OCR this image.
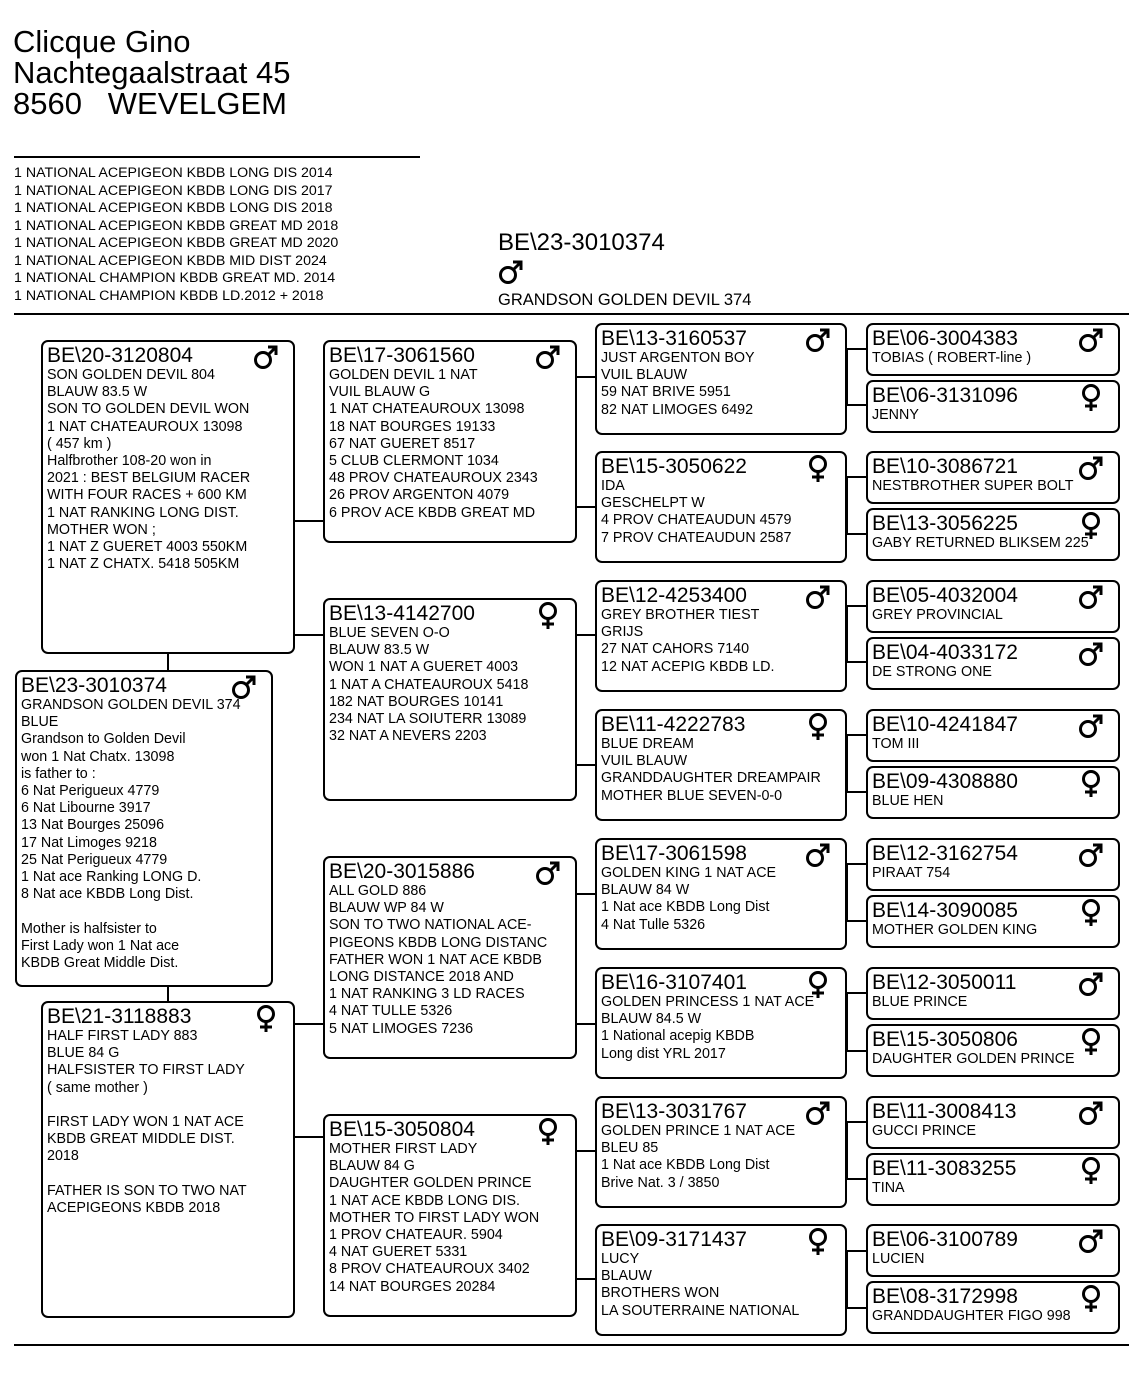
Clicque Gino
Nachtegaalstraat 45
8560   WEVELGEM
1 NATIONAL ACEPIGEON KBDB LONG DIS 2014
1 NATIONAL ACEPIGEON KBDB LONG DIS 2017
1 NATIONAL ACEPIGEON KBDB LONG DIS 2018
1 NATIONAL ACEPIGEON KBDB GREAT MD 2018
1 NATIONAL ACEPIGEON KBDB GREAT MD 2020
1 NATIONAL ACEPIGEON KBDB MID DIST 2024
1 NATIONAL CHAMPION KBDB GREAT MD. 2014
1 NATIONAL CHAMPION KBDB LD.2012 + 2018
BE\23-3010374
GRANDSON GOLDEN DEVIL 374
BE\23-3010374
GRANDSON GOLDEN DEVIL 374
BLUE
Grandson to Golden Devil
won 1 Nat Chatx. 13098
is father to :
6 Nat Perigueux 4779
6 Nat Libourne 3917
13 Nat Bourges 25096
17 Nat Limoges 9218
25 Nat Perigueux 4779
1 Nat ace Ranking LONG D.
8 Nat ace KBDB Long Dist.
Mother is halfsister to
First Lady won 1 Nat ace
KBDB Great Middle Dist.
BE\20-3120804
SON GOLDEN DEVIL 804
BLAUW 83.5 W
SON TO GOLDEN DEVIL WON
1 NAT CHATEAUROUX 13098
( 457 km )
Halfbrother 108-20 won in
2021 : BEST BELGIUM RACER
WITH FOUR RACES + 600 KM
1 NAT RANKING LONG DIST.
MOTHER WON ;
1 NAT Z GUERET 4003 550KM
1 NAT Z CHATX. 5418 505KM
BE\21-3118883
HALF FIRST LADY 883
BLUE 84 G
HALFSISTER TO FIRST LADY
( same mother )
FIRST LADY WON 1 NAT ACE
KBDB GREAT MIDDLE DIST.
2018
FATHER IS SON TO TWO NAT
ACEPIGEONS KBDB 2018
BE\17-3061560
GOLDEN DEVIL 1 NAT
VUIL BLAUW G
1 NAT CHATEAUROUX 13098
18 NAT BOURGES 19133
67 NAT GUERET 8517
5 CLUB CLERMONT 1034
48 PROV CHATEAUROUX 2343
26 PROV ARGENTON 4079
6 PROV ACE KBDB GREAT MD
BE\13-4142700
BLUE SEVEN O-O
BLAUW 83.5 W
WON 1 NAT A GUERET 4003
1 NAT A CHATEAUROUX 5418
182 NAT BOURGES 10141
234 NAT LA SOIUTERR 13089
32 NAT A NEVERS 2203
BE\20-3015886
ALL GOLD 886
BLAUW WP 84 W
SON TO TWO NATIONAL ACE-
PIGEONS KBDB LONG DISTANC
FATHER WON 1 NAT ACE KBDB
LONG DISTANCE 2018 AND
1 NAT RANKING 3 LD RACES
4 NAT TULLE 5326
5 NAT LIMOGES 7236
BE\15-3050804
MOTHER FIRST LADY
BLAUW 84 G
DAUGHTER GOLDEN PRINCE
1 NAT ACE KBDB LONG DIS.
MOTHER TO FIRST LADY WON
1 PROV CHATEAUR. 5904
4 NAT GUERET 5331
8 PROV CHATEAUROUX 3402
14 NAT BOURGES 20284
BE\13-3160537
JUST ARGENTON BOY
VUIL BLAUW
59 NAT BRIVE 5951
82 NAT LIMOGES 6492
BE\15-3050622
IDA
GESCHELPT W
4 PROV CHATEAUDUN 4579
7 PROV CHATEAUDUN 2587
BE\12-4253400
GREY BROTHER TIEST
GRIJS
27 NAT CAHORS 7140
12 NAT ACEPIG KBDB LD.
BE\11-4222783
BLUE DREAM
VUIL BLAUW
GRANDDAUGHTER DREAMPAIR
MOTHER BLUE SEVEN-0-0
BE\17-3061598
GOLDEN KING 1 NAT ACE
BLAUW 84 W
1 Nat ace KBDB Long Dist
4 Nat Tulle 5326
BE\16-3107401
GOLDEN PRINCESS 1 NAT ACE
BLAUW 84.5 W
1 National acepig KBDB
Long dist YRL 2017
BE\13-3031767
GOLDEN PRINCE 1 NAT ACE
BLEU 85
1 Nat ace KBDB Long Dist
Brive Nat. 3 / 3850
BE\09-3171437
LUCY
BLAUW
BROTHERS WON
LA SOUTERRAINE NATIONAL
BE\06-3004383
TOBIAS ( ROBERT-line )
BE\06-3131096
JENNY
BE\10-3086721
NESTBROTHER SUPER BOLT
BE\13-3056225
GABY RETURNED BLIKSEM 225
BE\05-4032004
GREY PROVINCIAL
BE\04-4033172
DE STRONG ONE
BE\10-4241847
TOM III
BE\09-4308880
BLUE HEN
BE\12-3162754
PIRAAT 754
BE\14-3090085
MOTHER GOLDEN KING
BE\12-3050011
BLUE PRINCE
BE\15-3050806
DAUGHTER GOLDEN PRINCE
BE\11-3008413
GUCCI PRINCE
BE\11-3083255
TINA
BE\06-3100789
LUCIEN
BE\08-3172998
GRANDDAUGHTER FIGO 998
